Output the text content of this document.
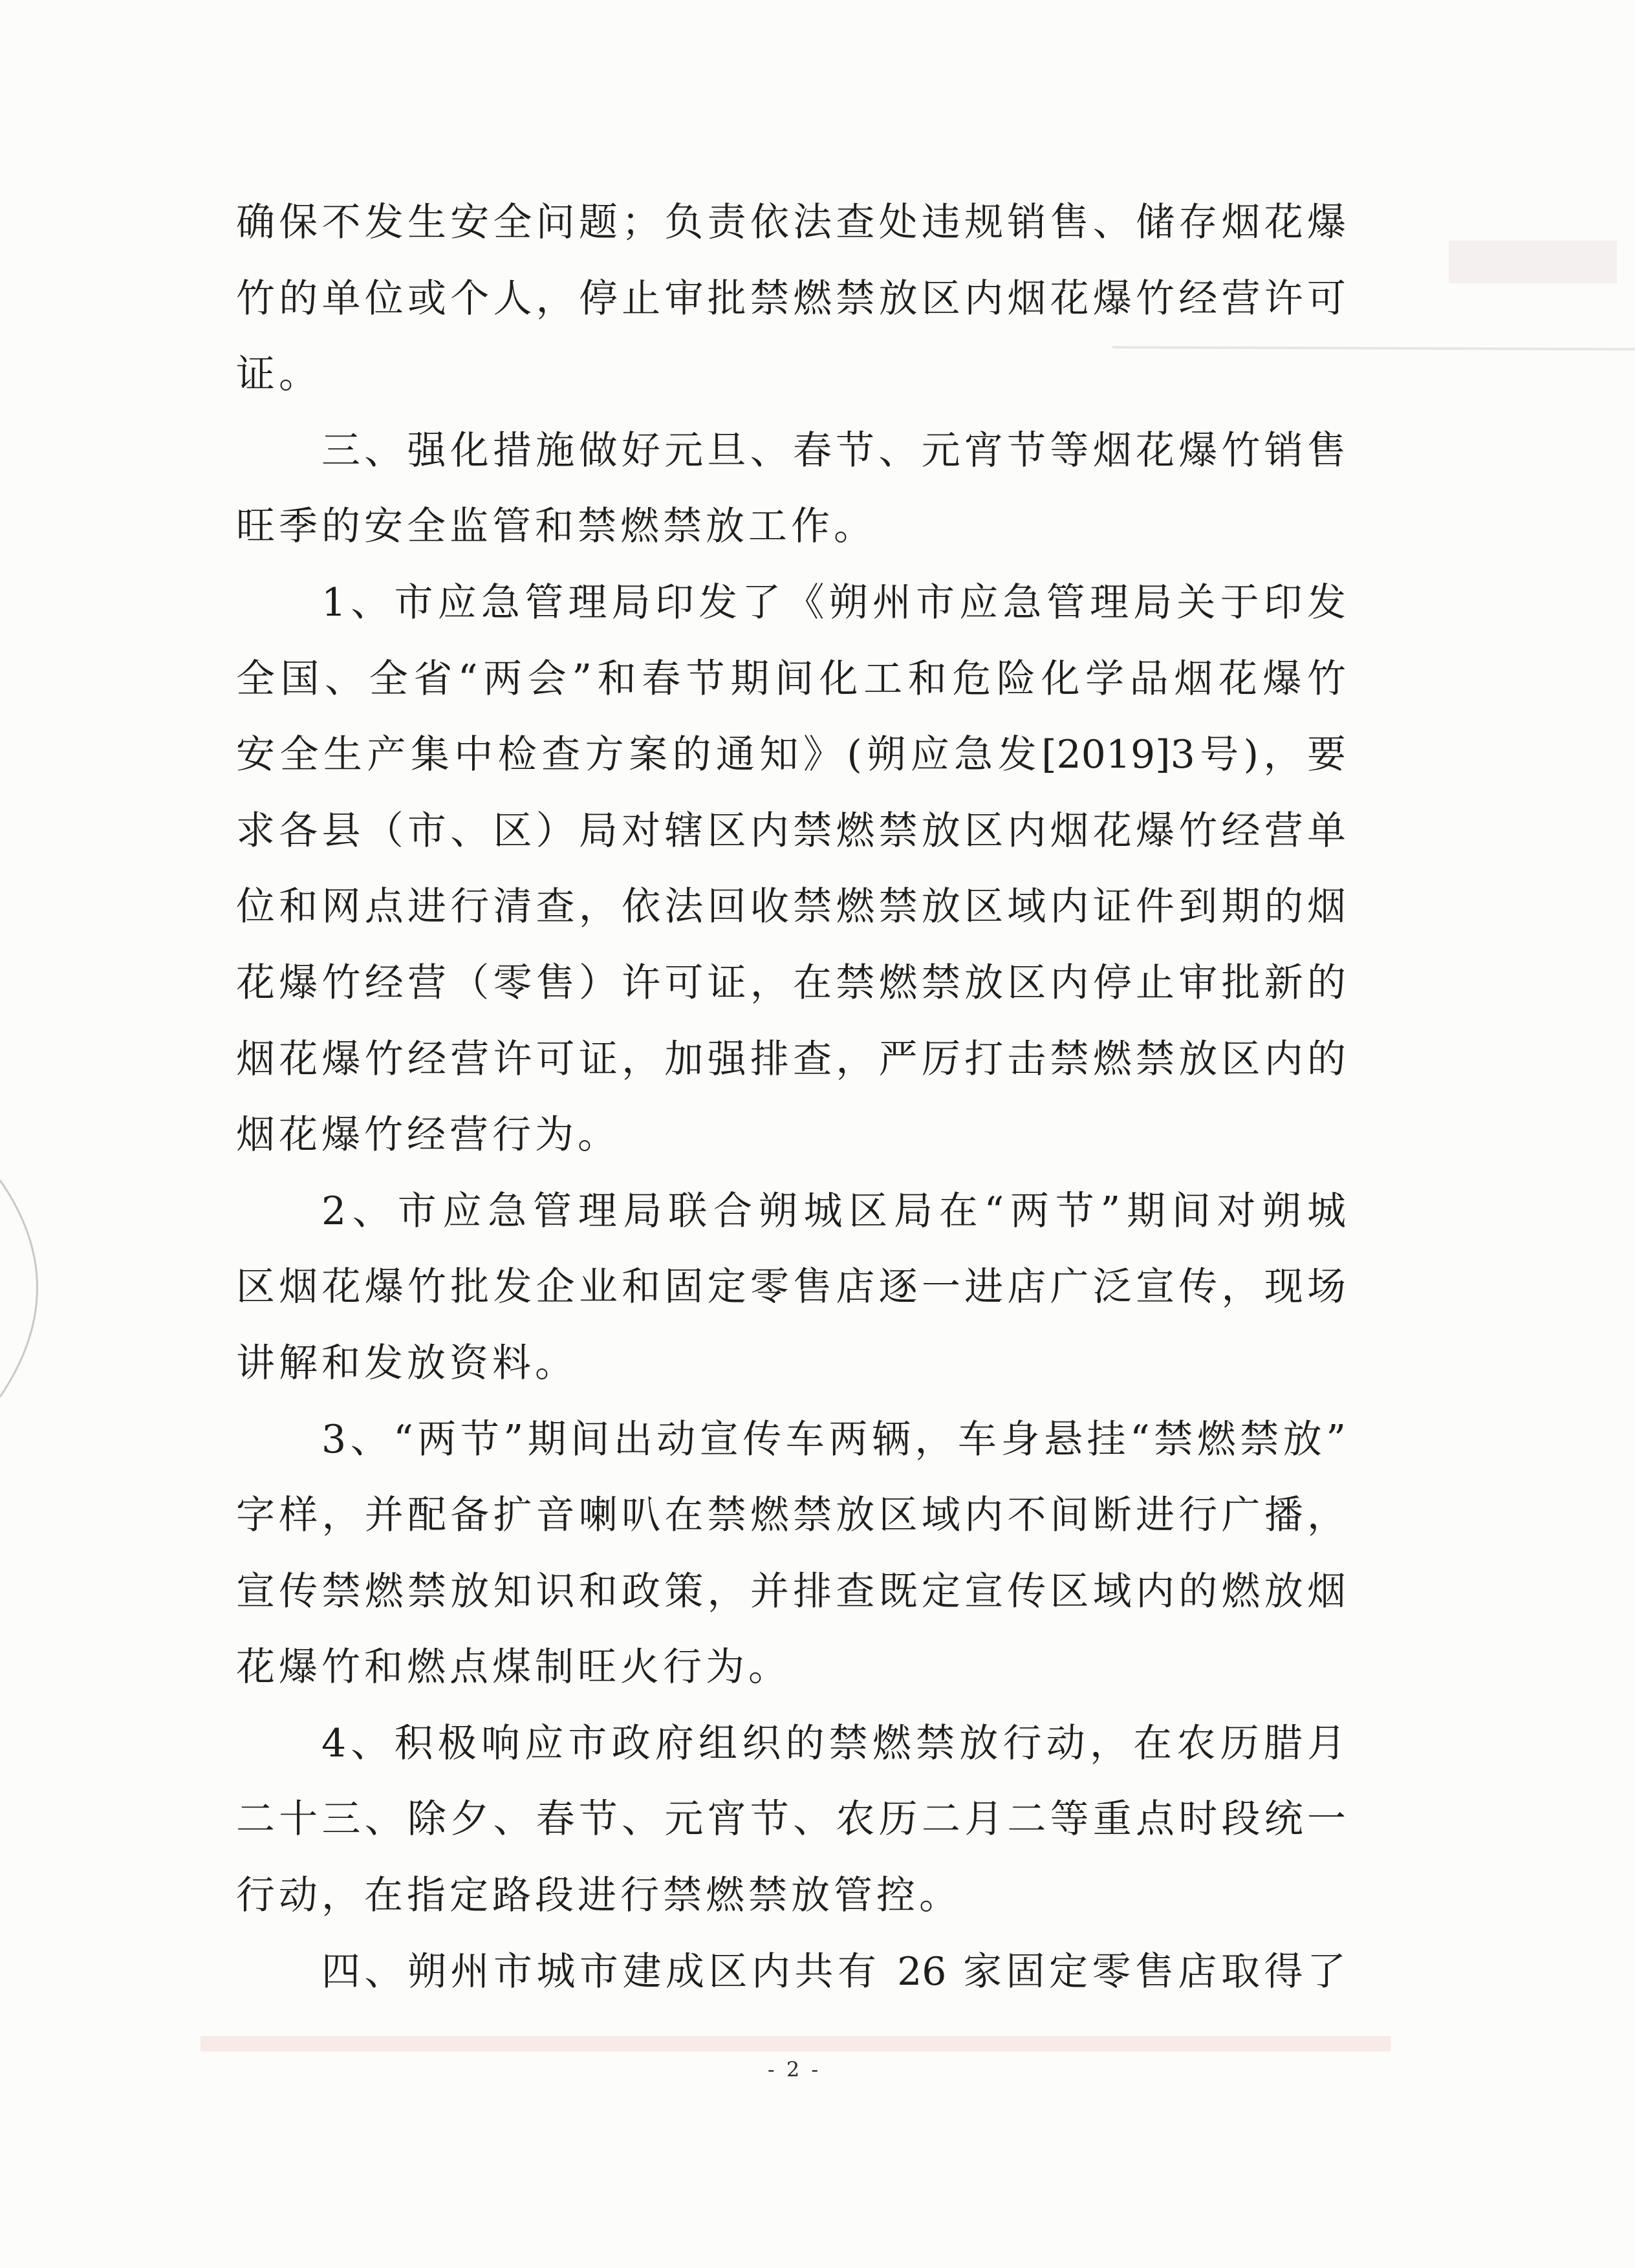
确保不发生安全问题；负责依法查处违规销售、储存烟花爆
竹的单位或个人，停止审批禁燃禁放区内烟花爆竹经营许可
证。
三、强化措施做好元旦、春节、元宵节等烟花爆竹销售
旺季的安全监管和禁燃禁放工作。
1、市应急管理局印发了《朔州市应急管理局关于印发
全国、全省“两会”和春节期间化工和危险化学品烟花爆竹
安全生产集中检查方案的通知》(朔应急发[2019]3号)，要
求各县（市、区）局对辖区内禁燃禁放区内烟花爆竹经营单
位和网点进行清查，依法回收禁燃禁放区域内证件到期的烟
花爆竹经营（零售）许可证，在禁燃禁放区内停止审批新的
烟花爆竹经营许可证，加强排查，严厉打击禁燃禁放区内的
烟花爆竹经营行为。
2、市应急管理局联合朔城区局在“两节”期间对朔城
区烟花爆竹批发企业和固定零售店逐一进店广泛宣传，现场
讲解和发放资料。
3、“两节”期间出动宣传车两辆，车身悬挂“禁燃禁放”
字样，并配备扩音喇叭在禁燃禁放区域内不间断进行广播，
宣传禁燃禁放知识和政策，并排查既定宣传区域内的燃放烟
花爆竹和燃点煤制旺火行为。
4、积极响应市政府组织的禁燃禁放行动，在农历腊月
二十三、除夕、春节、元宵节、农历二月二等重点时段统一
行动，在指定路段进行禁燃禁放管控。
四、朔州市城市建成区内共有 26 家固定零售店取得了
- 2 -
